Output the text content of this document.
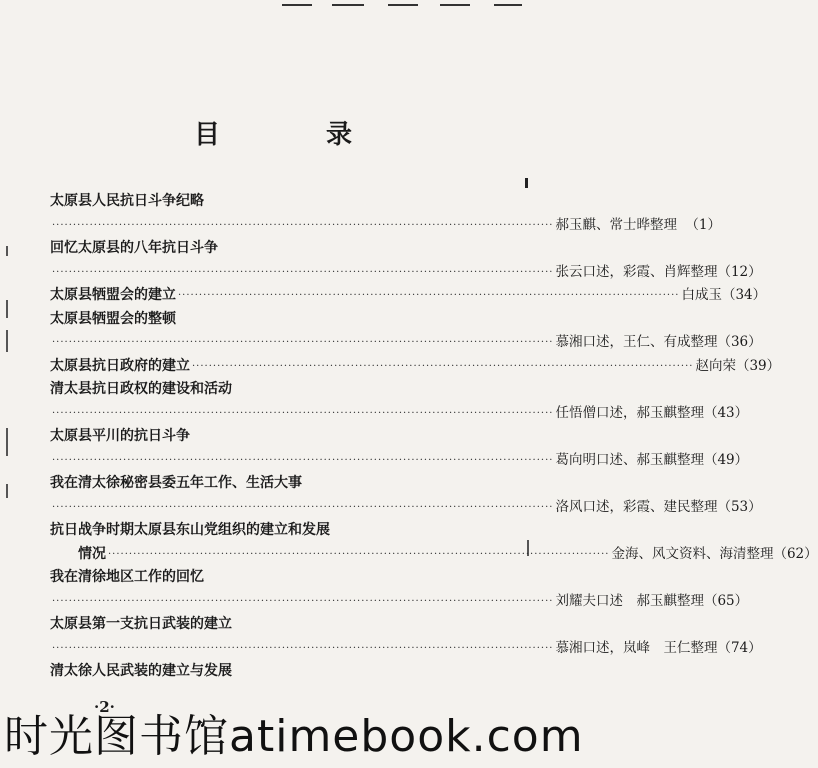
目　录
太原县人民抗日斗争纪略
························································································································ 郝玉麒、常士晔整理 （1）
回忆太原县的八年抗日斗争
························································································································ 张云口述，彩霞、肖辉整理 （12）
太原县牺盟会的建立 ························································································································ 白成玉 （34）
太原县牺盟会的整顿
························································································································ 慕湘口述，王仁、有成整理 （36）
太原县抗日政府的建立 ························································································································ 赵向荣 （39）
清太县抗日政权的建设和活动
························································································································ 任悟僧口述，郝玉麒整理 （43）
太原县平川的抗日斗争
························································································································ 葛向明口述、郝玉麒整理 （49）
我在清太徐秘密县委五年工作、生活大事
························································································································ 洛风口述，彩霞、建民整理 （53）
抗日战争时期太原县东山党组织的建立和发展
　　情况 ························································································································ 金海、风文资料、海清整理 （62）
我在清徐地区工作的回忆
························································································································ 刘耀夫口述　郝玉麒整理 （65）
太原县第一支抗日武装的建立
························································································································ 慕湘口述，岚峰　王仁整理 （74）
清太徐人民武装的建立与发展
·2·
时光图书馆atimebook.com
